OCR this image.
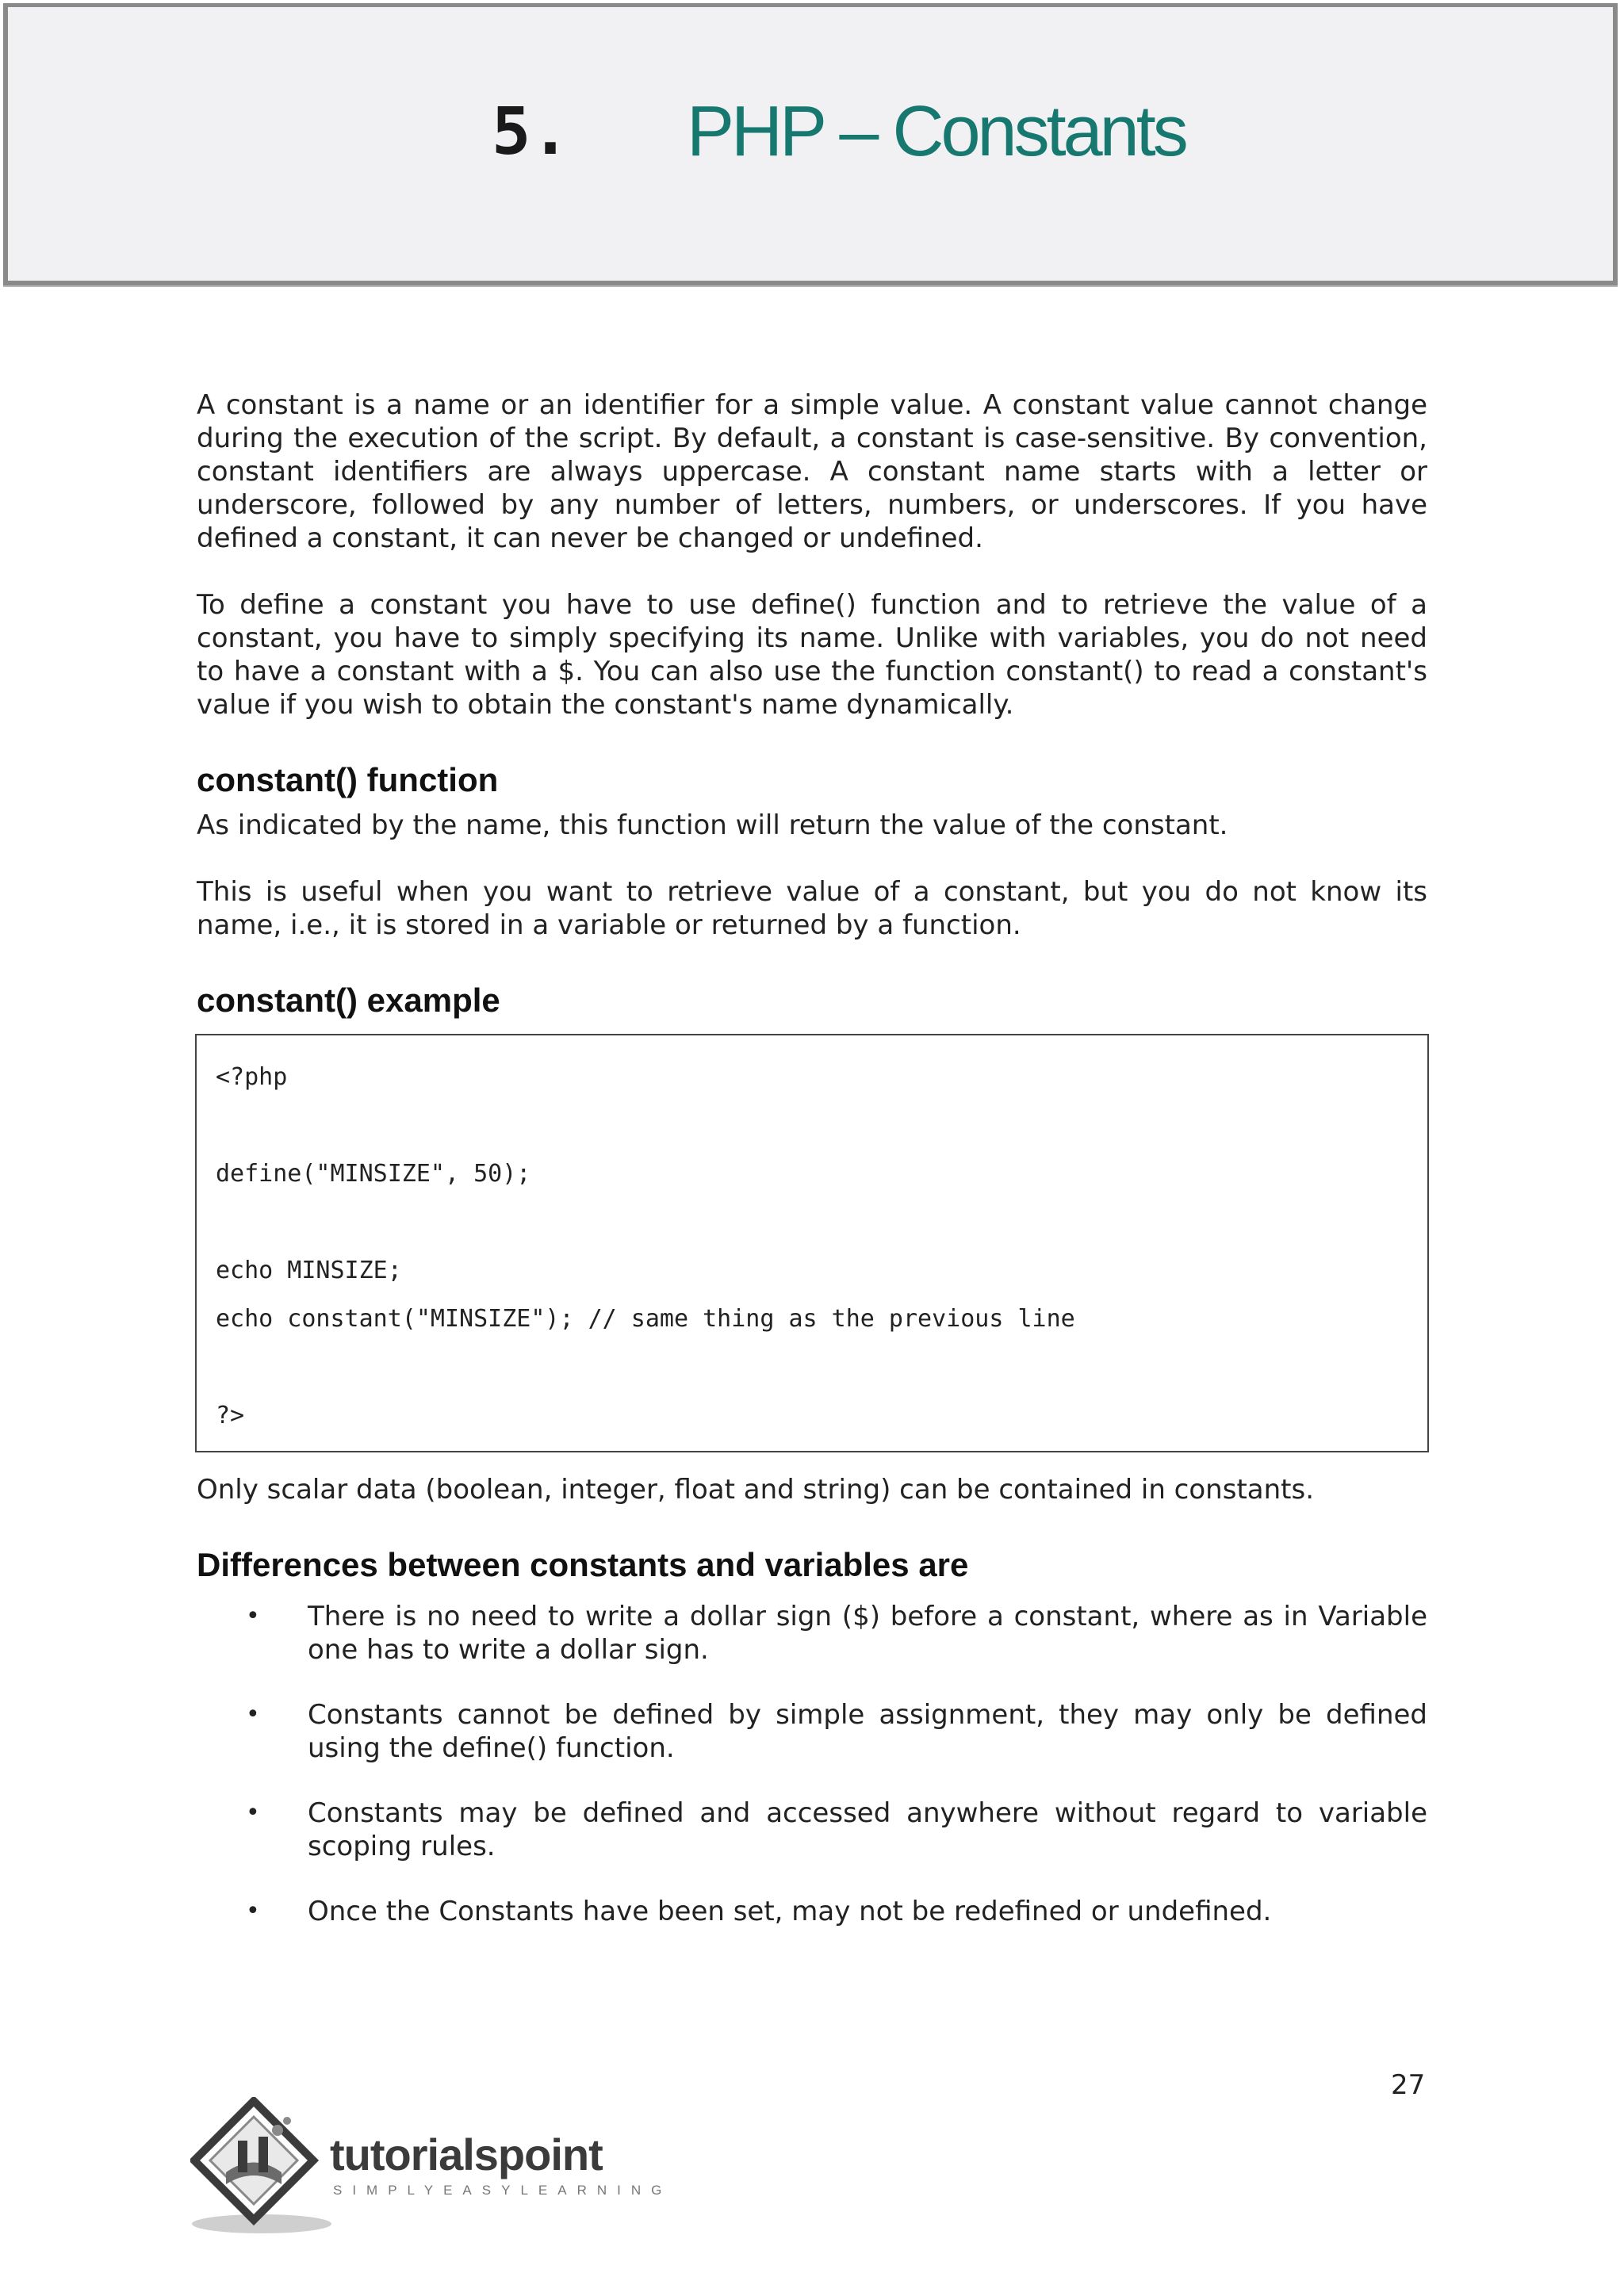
5. PHP – Constants

A constant is a name or an identifier for a simple value. A constant value cannot change during the execution of the script. By default, a constant is case-sensitive. By convention, constant identifiers are always uppercase. A constant name starts with a letter or underscore, followed by any number of letters, numbers, or underscores. If you have defined a constant, it can never be changed or undefined.

To define a constant you have to use define() function and to retrieve the value of a constant, you have to simply specifying its name. Unlike with variables, you do not need to have a constant with a $. You can also use the function constant() to read a constant's value if you wish to obtain the constant's name dynamically.

constant() function

As indicated by the name, this function will return the value of the constant.

This is useful when you want to retrieve value of a constant, but you do not know its name, i.e., it is stored in a variable or returned by a function.

constant() example
<?php
define("MINSIZE", 50);
echo MINSIZE;
echo constant("MINSIZE"); // same thing as the previous line
?>

Only scalar data (boolean, integer, float and string) can be contained in constants.

Differences between constants and variables are
• There is no need to write a dollar sign ($) before a constant, where as in Variable one has to write a dollar sign.
• Constants cannot be defined by simple assignment, they may only be defined using the define() function.
• Constants may be defined and accessed anywhere without regard to variable scoping rules.
• Once the Constants have been set, may not be redefined or undefined.
27
tutorialspoint
SIMPLYEASYLEARNING
